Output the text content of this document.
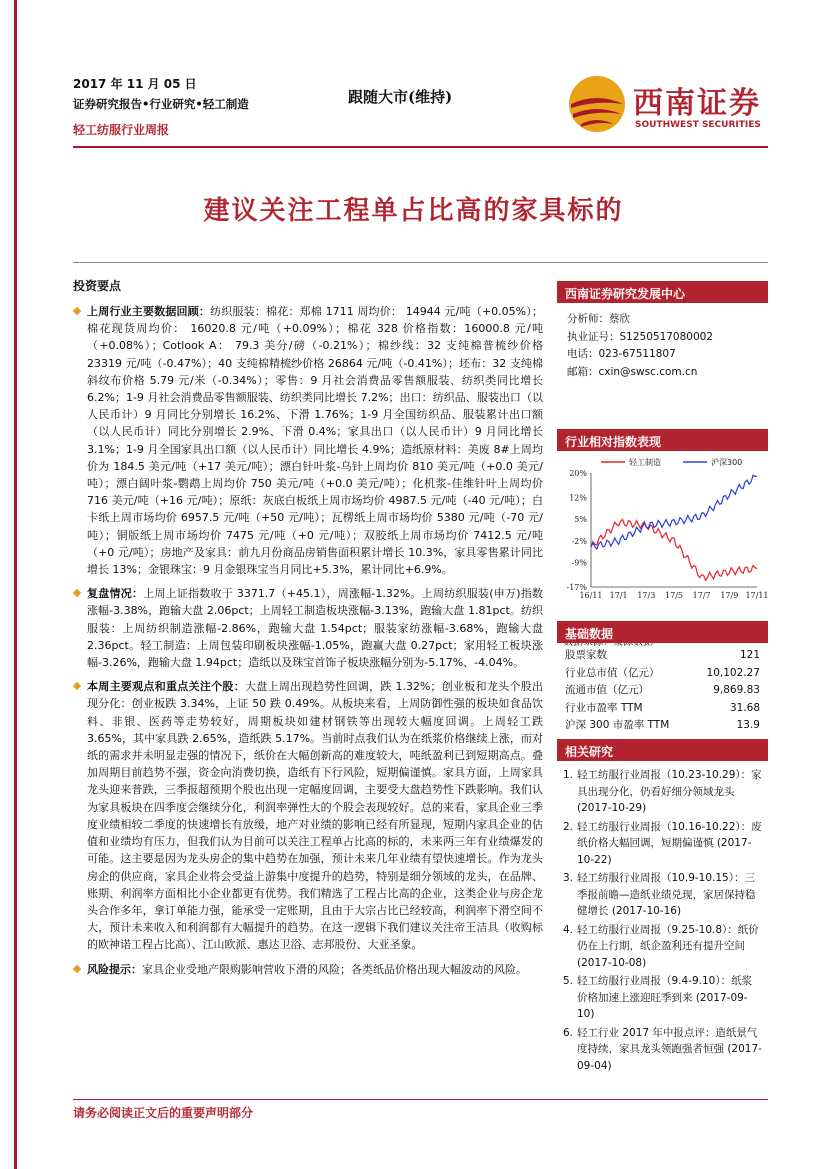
2017 年 11 月 05 日
证券研究报告•行业研究•轻工制造
轻工纺服行业周报
跟随大市(维持)	西南证券
SOUTHWEST SECURITIES
建议关注工程单占比高的家具标的
投资要点
上周行业主要数据回顾：纺织服装：棉花：郑棉 1711 周均价： 14944 元/吨（+0.05%）；棉花现货周均价： 16020.8 元/吨（+0.09%）；棉花 328 价格指数：16000.8 元/吨（+0.08%）；Cotlook A： 79.3 美分/磅（-0.21%）；棉纱线：32 支纯棉普梳纱价格 23319 元/吨（-0.47%）；40 支纯棉精梳纱价格 26864 元/吨（-0.41%）；坯布：32 支纯棉斜纹布价格 5.79 元/米（-0.34%）；零售：9 月社会消费品零售额服装、纺织类同比增长 6.2%；1-9 月社会消费品零售额服装、纺织类同比增长 7.2%；出口：纺织品、服装出口（以人民币计）9 月同比分别增长 16.2%、下滑 1.76%；1-9 月全国纺织品、服装累计出口额（以人民币计）同比分别增长 2.9%、下滑 0.4%；家具出口（以人民币计）9 月同比增长 3.1%；1-9 月全国家具出口额（以人民币计）同比增长 4.9%；造纸原材料：美废 8#上周均价为 184.5 美元/吨（+17 美元/吨）；漂白针叶浆-乌针上周均价 810 美元/吨（+0.0 美元/吨）；漂白阔叶浆-鹦鹉上周均价 750 美元/吨（+0.0 美元/吨）；化机浆-佳维针叶上周均价 716 美元/吨（+16 元/吨）；原纸：灰底白板纸上周市场均价 4987.5 元/吨（-40 元/吨）；白卡纸上周市场均价 6957.5 元/吨（+50 元/吨）；瓦楞纸上周市场均价 5380 元/吨（-70 元/吨）；铜版纸上周市场均价 7475 元/吨（+0 元/吨）；双胶纸上周市场均价 7412.5 元/吨（+0 元/吨）；房地产及家具：前九月份商品房销售面积累计增长 10.3%，家具零售累计同比增长 13%；金银珠宝：9 月金银珠宝当月同比+5.3%，累计同比+6.9%。
复盘情况：上周上证指数收于 3371.7（+45.1），周涨幅-1.32%。上周纺织服装(申万)指数涨幅-3.38%，跑输大盘 2.06pct；上周轻工制造板块涨幅-3.13%，跑输大盘 1.81pct。纺织服装：上周纺织制造涨幅-2.86%，跑输大盘 1.54pct；服装家纺涨幅-3.68%，跑输大盘 2.36pct。轻工制造：上周包装印刷板块涨幅-1.05%，跑赢大盘 0.27pct；家用轻工板块涨幅-3.26%，跑输大盘 1.94pct；造纸以及珠宝首饰子板块涨幅分别为-5.17%、-4.04%。
本周主要观点和重点关注个股：大盘上周出现趋势性回调，跌 1.32%；创业板和龙头个股出现分化：创业板跌 3.34%，上证 50 跌 0.49%。从板块来看，上周防御性强的板块如食品饮料、非银、医药等走势较好，周期板块如建材钢铁等出现较大幅度回调。上周轻工跌 3.65%，其中家具跌 2.65%，造纸跌 5.17%。当前时点我们认为在纸浆价格继续上涨，而对纸的需求并未明显走强的情况下，纸价在大幅创新高的难度较大，吨纸盈利已到短期高点。叠加周期目前趋势不强，资金向消费切换，造纸有下行风险，短期偏谨慎。家具方面，上周家具龙头迎来普跌，三季报超预期个股也出现一定幅度回调，主要受大盘趋势性下跌影响。我们认为家具板块在四季度会继续分化，利润率弹性大的个股会表现较好。总的来看，家具企业三季度业绩相较二季度的快速增长有放缓，地产对业绩的影响已经有所显现，短期内家具企业的估值和业绩均有压力，但我们认为目前可以关注工程单占比高的标的，未来两三年有业绩爆发的可能。这主要是因为龙头房企的集中趋势在加强，预计未来几年业绩有望快速增长。作为龙头房企的供应商，家具企业将会受益上游集中度提升的趋势，特别是细分领域的龙头，在品牌、账期、利润率方面相比小企业都更有优势。我们精选了工程占比高的企业，这类企业与房企龙头合作多年，拿订单能力强，能承受一定账期，且由于大宗占比已经较高，利润率下滑空间不大，预计未来收入和利润都有大幅提升的趋势。在这一逻辑下我们建议关注帝王洁具（收购标的欧神诺工程占比高）、江山欧派、惠达卫浴、志邦股份、大亚圣象。
风险提示：家具企业受地产限购影响营收下滑的风险；各类纸品价格出现大幅波动的风险。
西南证券研究发展中心
分析师：蔡欣
执业证号：S1250517080002
电话：023-67511807
邮箱：cxin@swsc.com.cn
行业相对指数表现
20%
12%
5%
-2%
-9%
-17%
16/11 17/1 17/3 17/5 17/7 17/9 17/11
轻工制造	沪深300
基础数据
股票家数	121
行业总市值（亿元）	10,102.27
流通市值（亿元）	9,869.83
行业市盈率 TTM	31.68
沪深 300 市盈率 TTM	13.9
相关研究
1. 轻工纺服行业周报（10.23-10.29）：家具出现分化，仍看好细分领域龙头 (2017-10-29)
2. 轻工纺服行业周报（10.16-10.22）：废纸价格大幅回调，短期偏谨慎 (2017-10-22)
3. 轻工纺服行业周报（10.9-10.15）：三季报前瞻—造纸业绩兑现，家居保持稳健增长 (2017-10-16)
4. 轻工纺服行业周报（9.25-10.8）：纸价仍在上行期，纸企盈利还有提升空间 (2017-10-08)
5. 轻工纺服行业周报（9.4-9.10）：纸浆价格加速上涨迎旺季到来 (2017-09-10)
6. 轻工行业 2017 年中报点评：造纸景气度持续，家具龙头领跑强者恒强 (2017-09-04)
请务必阅读正文后的重要声明部分
